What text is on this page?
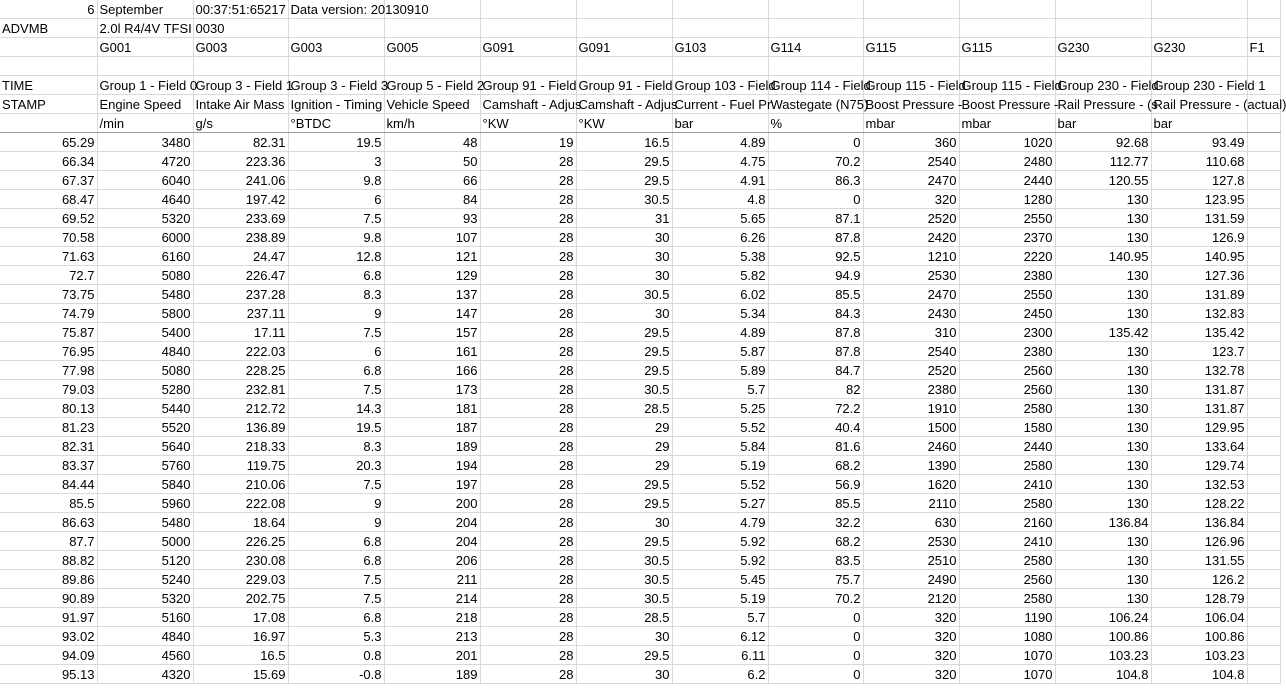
6	September	00:37:51:65217	Data version: 20130910										
ADVMB	2.0l R4/4V TFSI	0030											
	G001	G003	G003	G005	G091	G091	G103	G114	G115	G115	G230	G230	F1

TIME	Group 1 - Field 0	Group 3 - Field 1	Group 3 - Field 3	Group 5 - Field 2	Group 91 - Field	Group 91 - Field	Group 103 - Field	Group 114 - Field	Group 115 - Field	Group 115 - Field	Group 230 - Field	Group 230 - Field 1	
STAMP	Engine Speed	Intake Air Mass	Ignition - Timing	Vehicle Speed	Camshaft - Adjus	Camshaft - Adjus	Current - Fuel Pr	Wastegate (N75)	Boost Pressure -	Boost Pressure -	Rail Pressure - (s	Rail Pressure - (actual)	
	/min	g/s	°BTDC	km/h	°KW	°KW	bar	%	mbar	mbar	bar	bar	
65.29	3480	82.31	19.5	48	19	16.5	4.89	0	360	1020	92.68	93.49	
66.34	4720	223.36	3	50	28	29.5	4.75	70.2	2540	2480	112.77	110.68	
67.37	6040	241.06	9.8	66	28	29.5	4.91	86.3	2470	2440	120.55	127.8	
68.47	4640	197.42	6	84	28	30.5	4.8	0	320	1280	130	123.95	
69.52	5320	233.69	7.5	93	28	31	5.65	87.1	2520	2550	130	131.59	
70.58	6000	238.89	9.8	107	28	30	6.26	87.8	2420	2370	130	126.9	
71.63	6160	24.47	12.8	121	28	30	5.38	92.5	1210	2220	140.95	140.95	
72.7	5080	226.47	6.8	129	28	30	5.82	94.9	2530	2380	130	127.36	
73.75	5480	237.28	8.3	137	28	30.5	6.02	85.5	2470	2550	130	131.89	
74.79	5800	237.11	9	147	28	30	5.34	84.3	2430	2450	130	132.83	
75.87	5400	17.11	7.5	157	28	29.5	4.89	87.8	310	2300	135.42	135.42	
76.95	4840	222.03	6	161	28	29.5	5.87	87.8	2540	2380	130	123.7	
77.98	5080	228.25	6.8	166	28	29.5	5.89	84.7	2520	2560	130	132.78	
79.03	5280	232.81	7.5	173	28	30.5	5.7	82	2380	2560	130	131.87	
80.13	5440	212.72	14.3	181	28	28.5	5.25	72.2	1910	2580	130	131.87	
81.23	5520	136.89	19.5	187	28	29	5.52	40.4	1500	1580	130	129.95	
82.31	5640	218.33	8.3	189	28	29	5.84	81.6	2460	2440	130	133.64	
83.37	5760	119.75	20.3	194	28	29	5.19	68.2	1390	2580	130	129.74	
84.44	5840	210.06	7.5	197	28	29.5	5.52	56.9	1620	2410	130	132.53	
85.5	5960	222.08	9	200	28	29.5	5.27	85.5	2110	2580	130	128.22	
86.63	5480	18.64	9	204	28	30	4.79	32.2	630	2160	136.84	136.84	
87.7	5000	226.25	6.8	204	28	29.5	5.92	68.2	2530	2410	130	126.96	
88.82	5120	230.08	6.8	206	28	30.5	5.92	83.5	2510	2580	130	131.55	
89.86	5240	229.03	7.5	211	28	30.5	5.45	75.7	2490	2560	130	126.2	
90.89	5320	202.75	7.5	214	28	30.5	5.19	70.2	2120	2580	130	128.79	
91.97	5160	17.08	6.8	218	28	28.5	5.7	0	320	1190	106.24	106.04	
93.02	4840	16.97	5.3	213	28	30	6.12	0	320	1080	100.86	100.86	
94.09	4560	16.5	0.8	201	28	29.5	6.11	0	320	1070	103.23	103.23	
95.13	4320	15.69	-0.8	189	28	30	6.2	0	320	1070	104.8	104.8	
